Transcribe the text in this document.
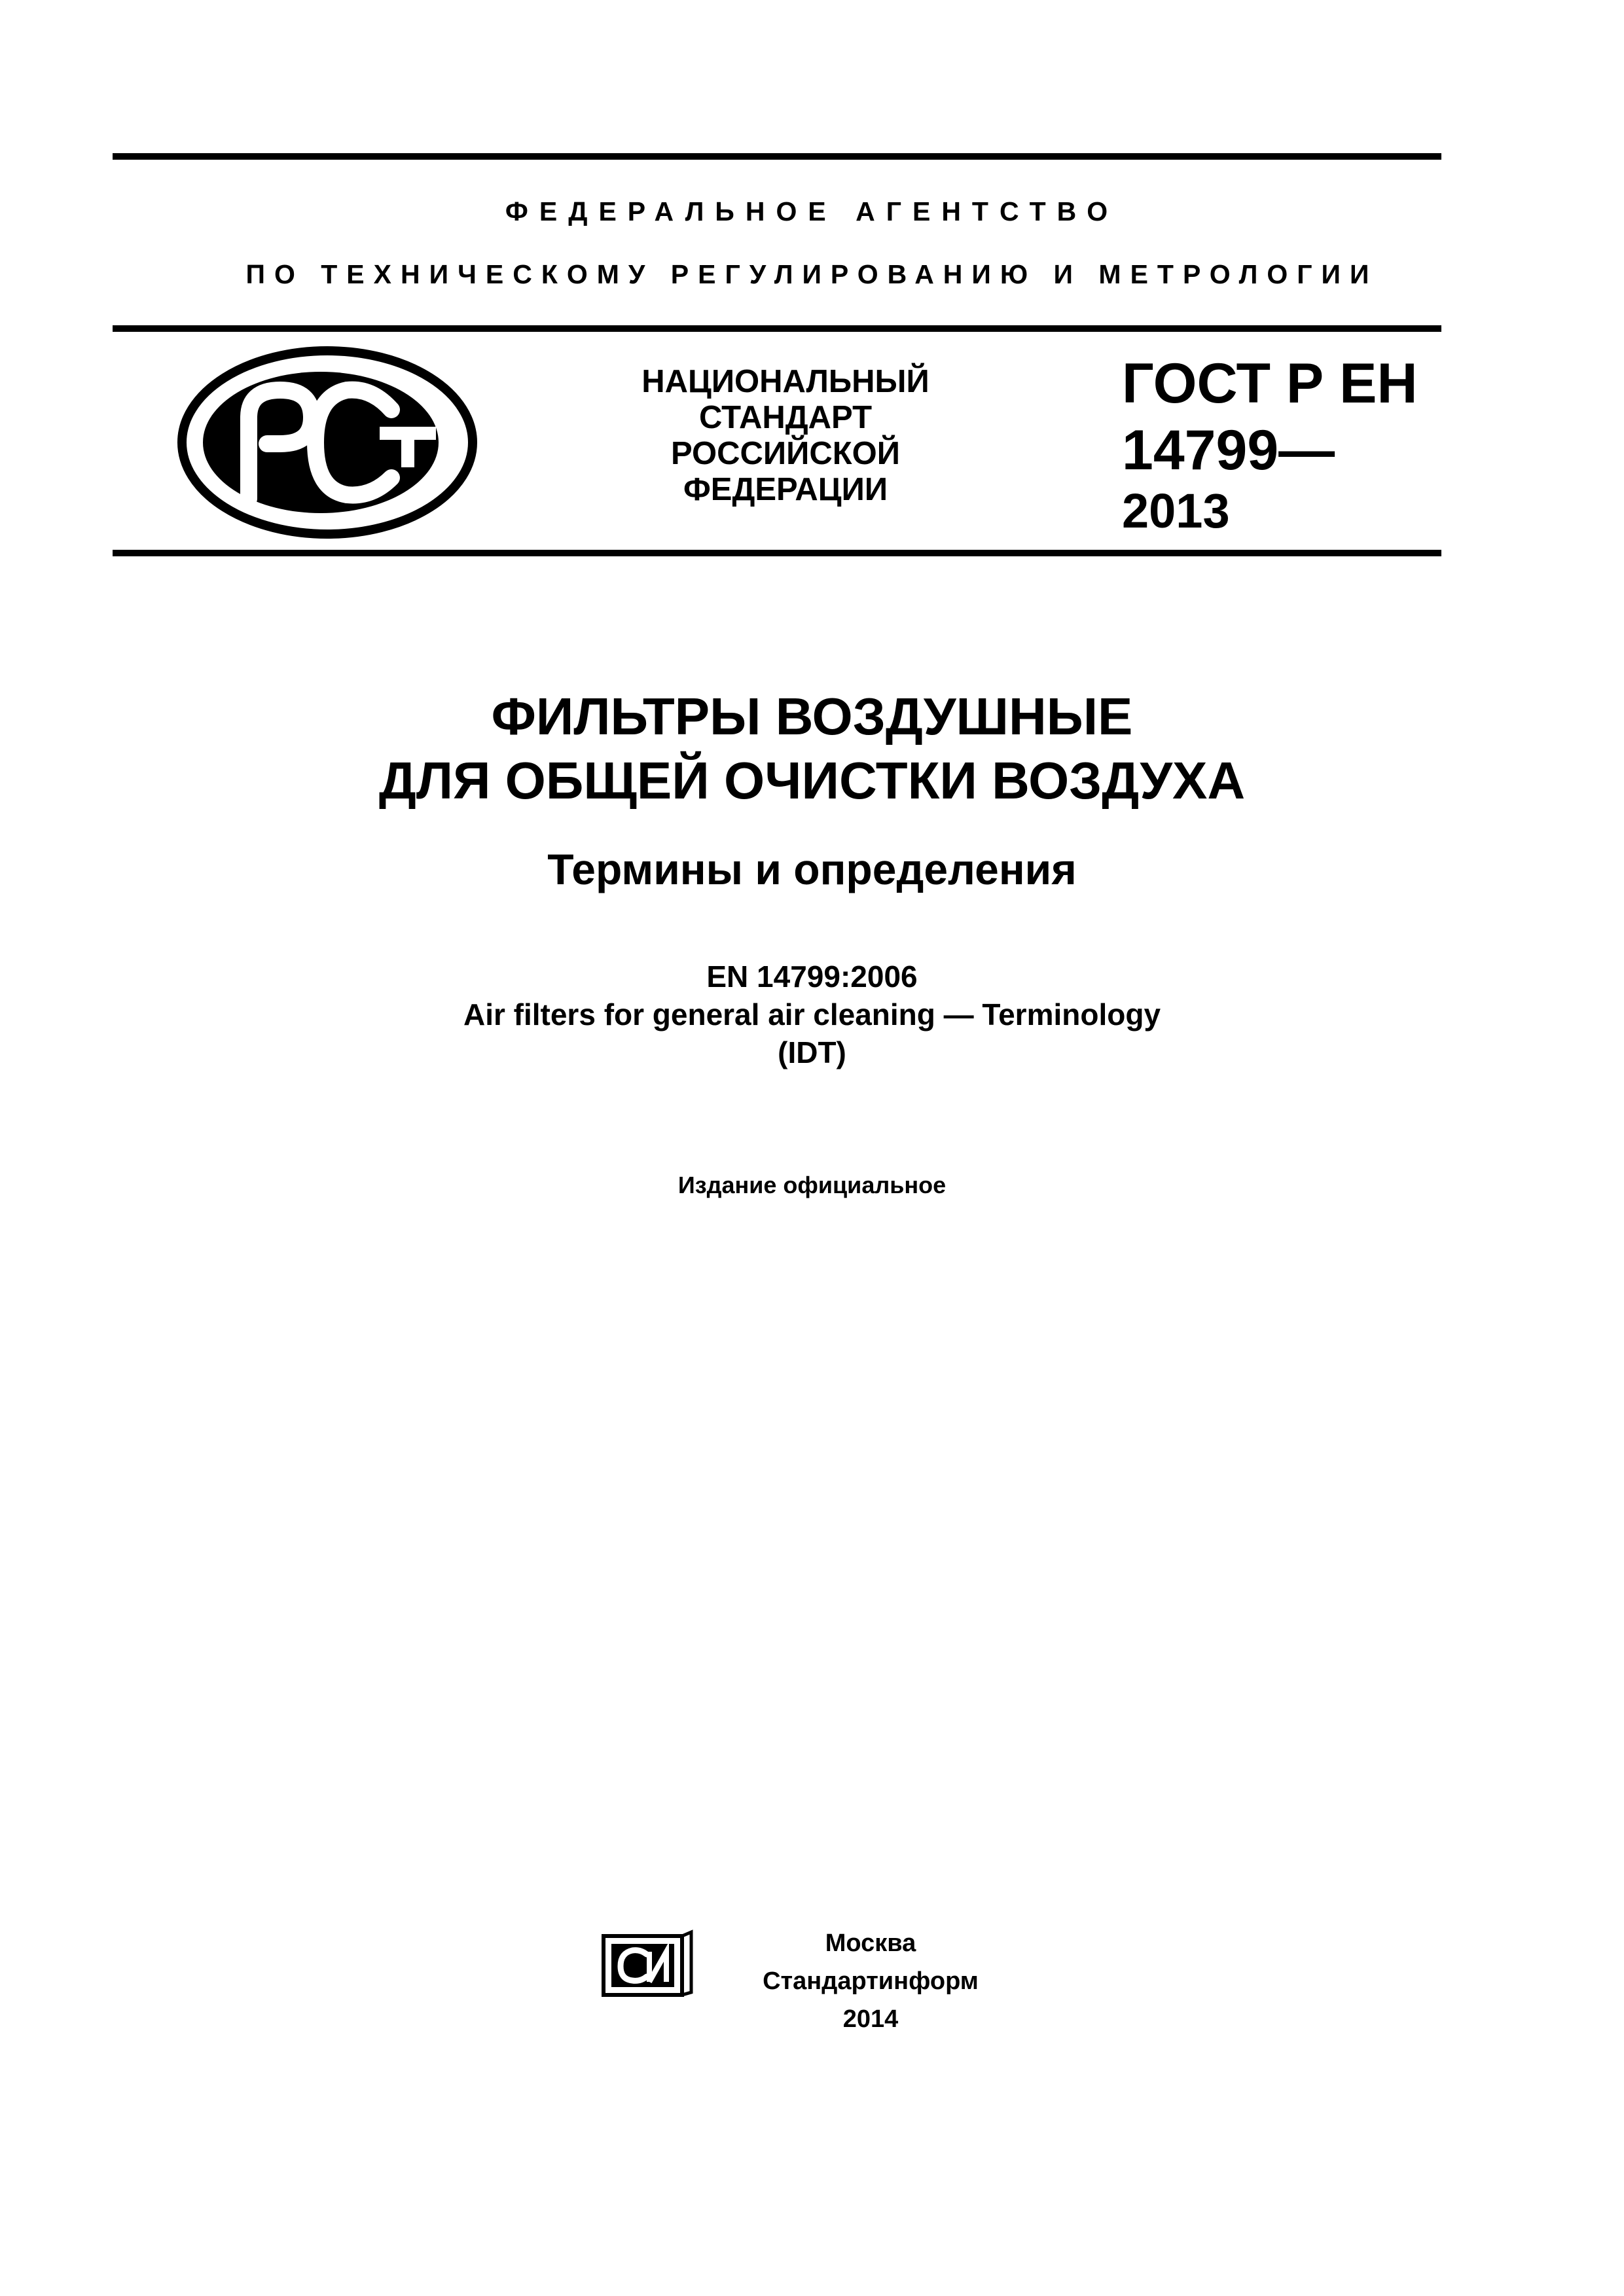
ФЕДЕРАЛЬНОЕ АГЕНТСТВО
ПО ТЕХНИЧЕСКОМУ РЕГУЛИРОВАНИЮ И МЕТРОЛОГИИ
НАЦИОНАЛЬНЫЙ
СТАНДАРТ
РОССИЙСКОЙ
ФЕДЕРАЦИИ
ГОСТ Р ЕН
14799—
2013
ФИЛЬТРЫ ВОЗДУШНЫЕ
ДЛЯ ОБЩЕЙ ОЧИСТКИ ВОЗДУХА
Термины и определения
EN 14799:2006
Air filters for general air cleaning — Terminology
(IDT)
Издание официальное
Москва
Стандартинформ
2014
